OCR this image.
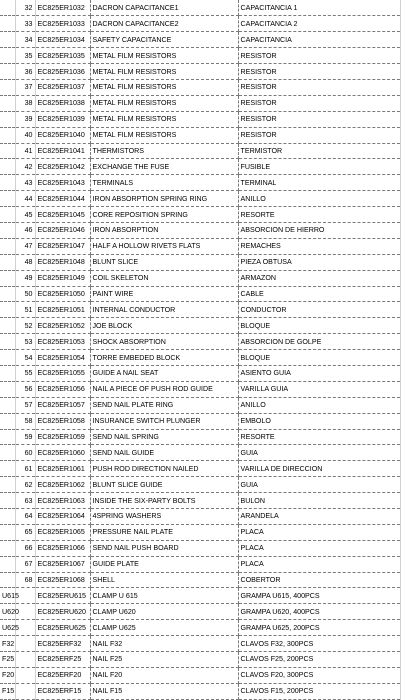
	32	EC825ER1032	DACRON CAPACITANCE1	CAPACITANCIA 1
	33	EC825ER1033	DACRON CAPACITANCE2	CAPACITANCIA 2
	34	EC825ER1034	SAFETY CAPACITANCE	CAPACITANCIA
	35	EC825ER1035	METAL FILM RESISTORS	RESISTOR
	36	EC825ER1036	METAL FILM RESISTORS	RESISTOR
	37	EC825ER1037	METAL FILM RESISTORS	RESISTOR
	38	EC825ER1038	METAL FILM RESISTORS	RESISTOR
	39	EC825ER1039	METAL FILM RESISTORS	RESISTOR
	40	EC825ER1040	METAL FILM RESISTORS	RESISTOR
	41	EC825ER1041	THERMISTORS	TERMISTOR
	42	EC825ER1042	EXCHANGE THE FUSE	FUSIBLE
	43	EC825ER1043	TERMINALS	TERMINAL
	44	EC825ER1044	IRON ABSORPTION SPRING RING	ANILLO
	45	EC825ER1045	CORE REPOSITION SPRING	RESORTE
	46	EC825ER1046	IRON ABSORPTION	ABSORCION DE HIERRO
	47	EC825ER1047	HALF A HOLLOW RIVETS FLATS	REMACHES
	48	EC825ER1048	BLUNT SLICE	PIEZA OBTUSA
	49	EC825ER1049	COIL SKELETON	ARMAZON
	50	EC825ER1050	PAINT WIRE	CABLE
	51	EC825ER1051	INTERNAL CONDUCTOR	CONDUCTOR
	52	EC825ER1052	JOE BLOCK	BLOQUE
	53	EC825ER1053	SHOCK ABSORPTION	ABSORCION DE GOLPE
	54	EC825ER1054	TORRE EMBEDED BLOCK	BLOQUE
	55	EC825ER1055	GUIDE A NAIL SEAT	ASIENTO GUIA
	56	EC825ER1056	NAIL A PIECE OF PUSH ROD GUIDE	VARILLA GUIA
	57	EC825ER1057	SEND NAIL PLATE RING	ANILLO
	58	EC825ER1058	INSURANCE SWITCH PLUNGER	EMBOLO
	59	EC825ER1059	SEND NAIL SPRING	RESORTE
	60	EC825ER1060	SEND NAIL GUIDE	GUIA
	61	EC825ER1061	PUSH ROD DIRECTION NAILED	VARILLA DE DIRECCION
	62	EC825ER1062	BLUNT SLICE GUIDE	GUIA
	63	EC825ER1063	INSIDE THE SIX-PARTY BOLTS	BULON
	64	EC825ER1064	4SPRING WASHERS	ARANDELA
	65	EC825ER1065	PRESSURE NAIL PLATE	PLACA
	66	EC825ER1066	SEND NAIL PUSH BOARD	PLACA
	67	EC825ER1067	GUIDE PLATE	PLACA
	68	EC825ER1068	SHELL	COBERTOR
U615		EC825ERU615	CLAMP U 615	GRAMPA U615, 400PCS
U620		EC825ERU620	CLAMP U620	GRAMPA U620, 400PCS
U625		EC825ERU625	CLAMP U625	GRAMPA U625, 200PCS
F32		EC825ERF32	NAIL F32	CLAVOS F32, 300PCS
F25		EC825ERF25	NAIL F25	CLAVOS F25, 200PCS
F20		EC825ERF20	NAIL F20	CLAVOS F20, 300PCS
F15		EC825ERF15	NAIL F15	CLAVOS F15, 200PCS
